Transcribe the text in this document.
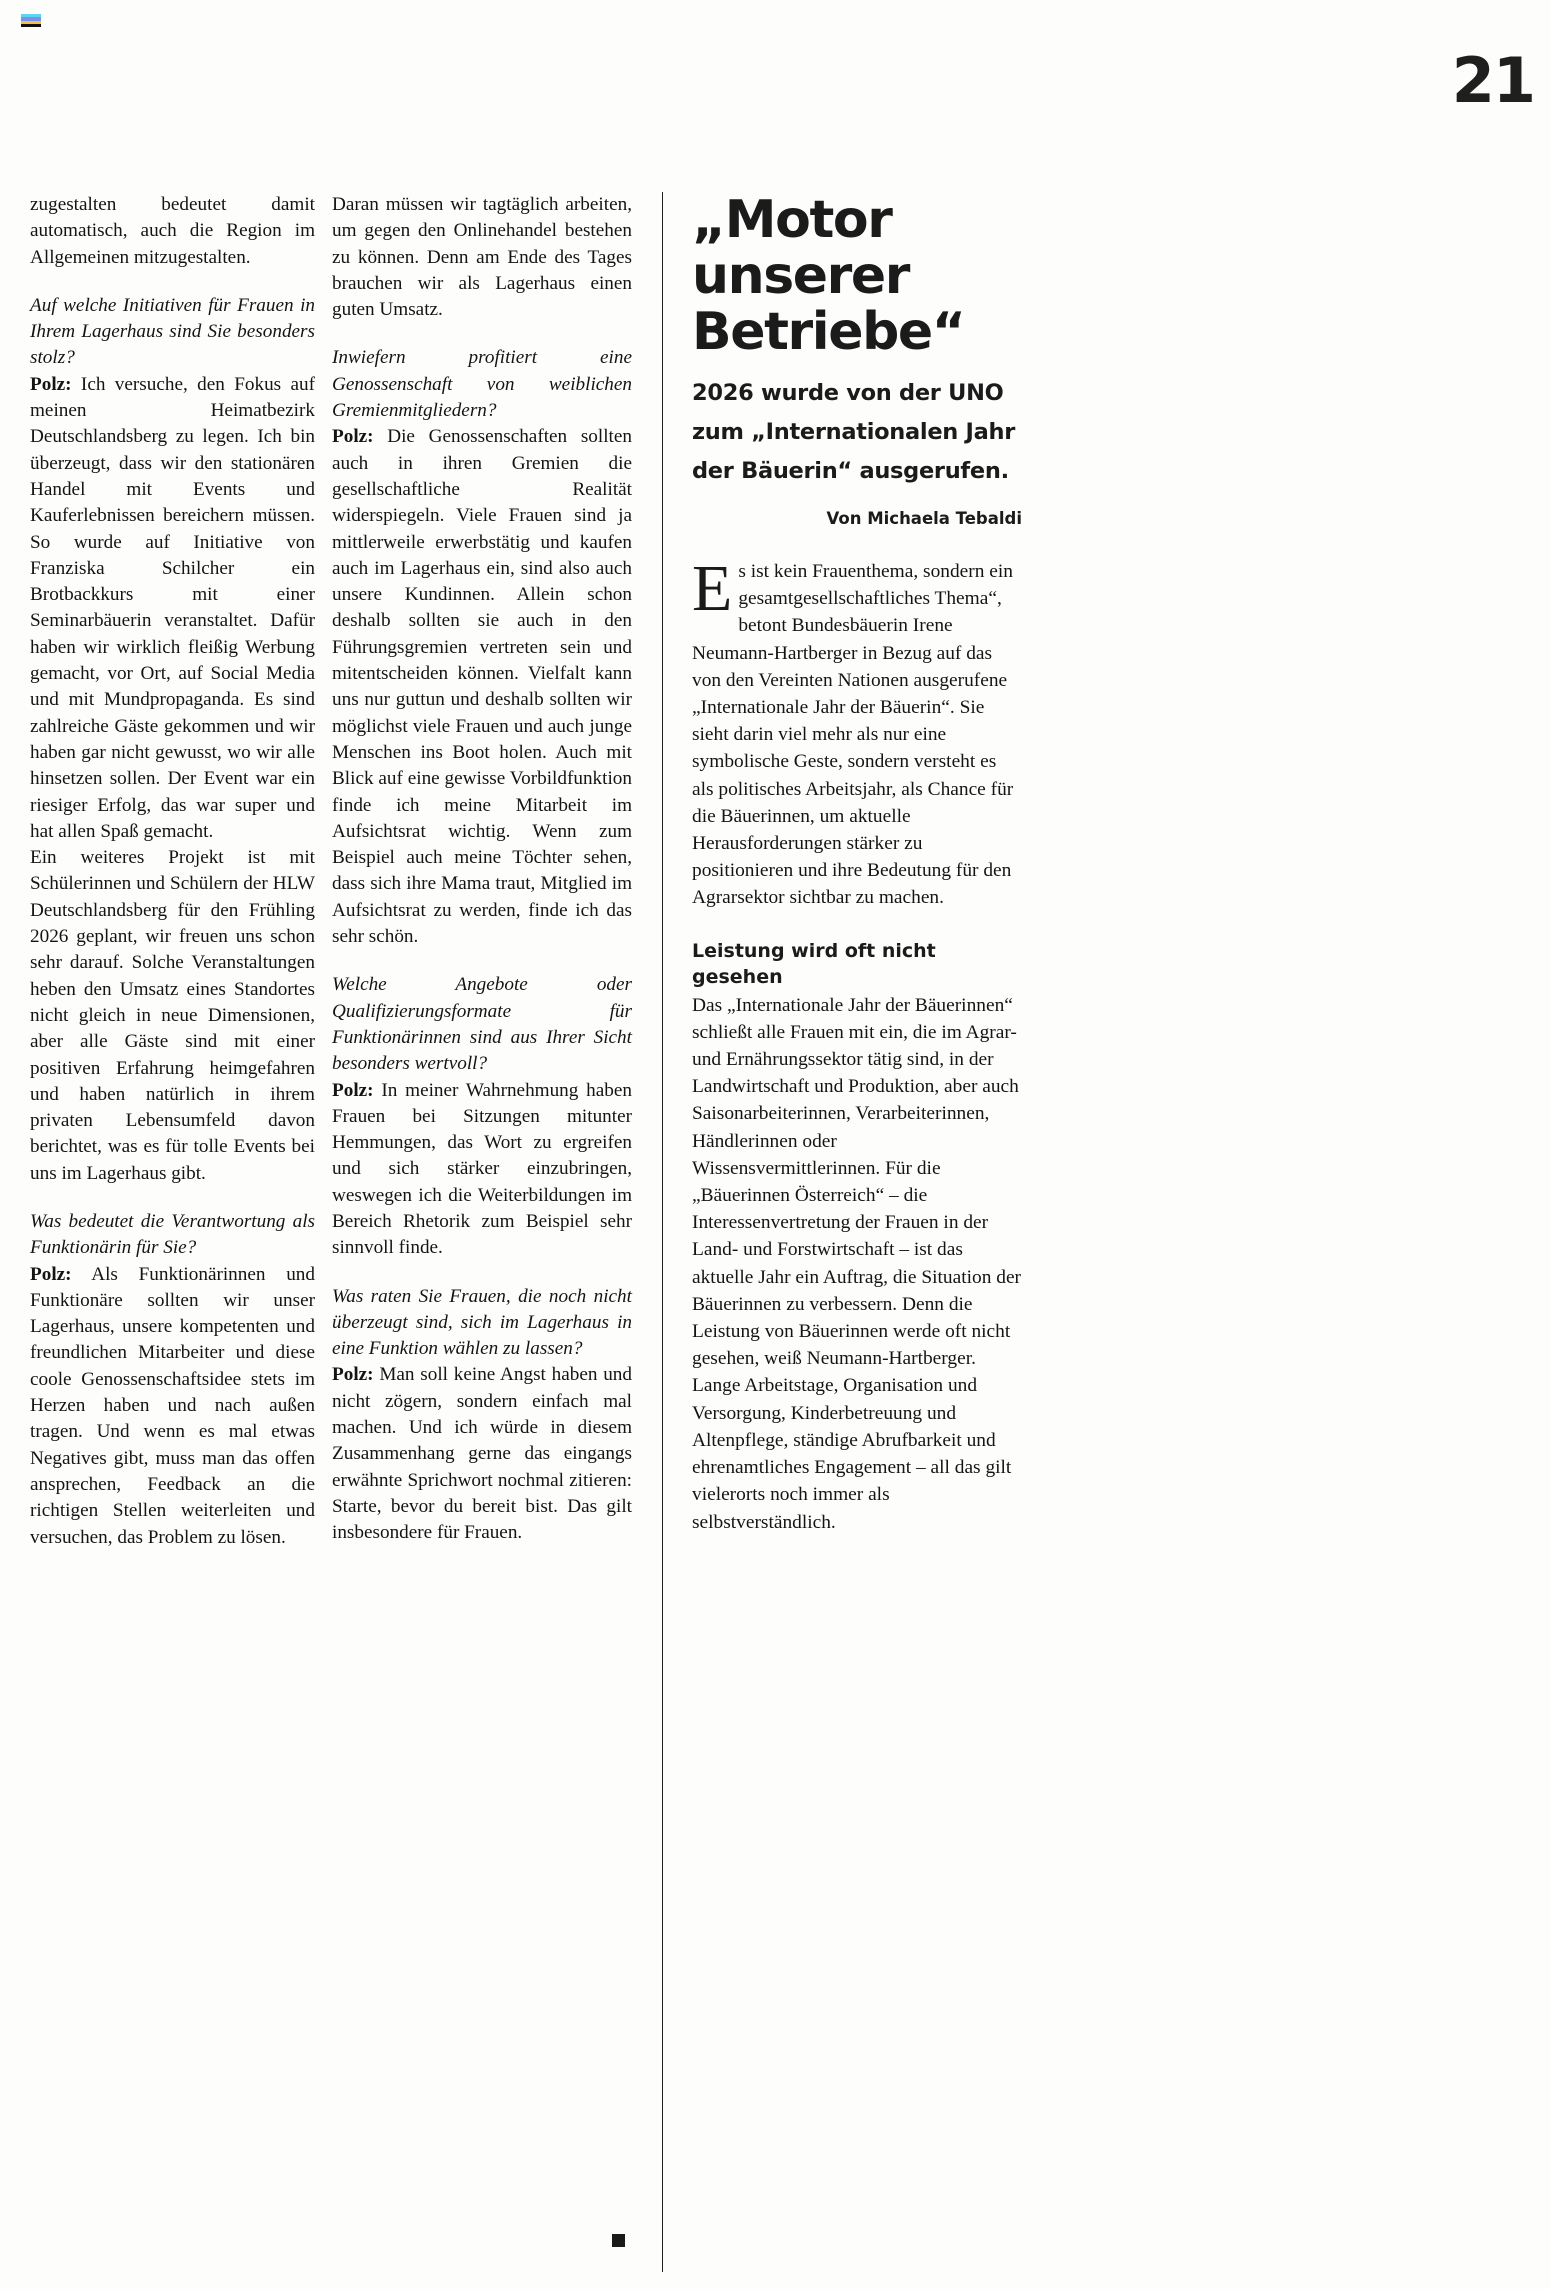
21

zugestalten bedeutet damit automatisch, auch die Region im Allgemeinen mitzugestalten.

Auf welche Initiativen für Frauen in Ihrem Lagerhaus sind Sie besonders stolz?

Polz: Ich versuche, den Fokus auf meinen Heimatbezirk Deutschlandsberg zu legen. Ich bin überzeugt, dass wir den stationären Handel mit Events und Kauferlebnissen bereichern müssen. So wurde auf Initiative von Franziska Schilcher ein Brotbackkurs mit einer Seminarbäuerin veranstaltet. Dafür haben wir wirklich fleißig Werbung gemacht, vor Ort, auf Social Media und mit Mundpropaganda. Es sind zahlreiche Gäste gekommen und wir haben gar nicht gewusst, wo wir alle hinsetzen sollen. Der Event war ein riesiger Erfolg, das war super und hat allen Spaß gemacht.

Ein weiteres Projekt ist mit Schülerinnen und Schülern der HLW Deutschlandsberg für den Frühling 2026 geplant, wir freuen uns schon sehr darauf. Solche Veranstaltungen heben den Umsatz eines Standortes nicht gleich in neue Dimensionen, aber alle Gäste sind mit einer positiven Erfahrung heimgefahren und haben natürlich in ihrem privaten Lebensumfeld davon berichtet, was es für tolle Events bei uns im Lagerhaus gibt.

Was bedeutet die Verantwortung als Funktionärin für Sie?

Polz: Als Funktionärinnen und Funktionäre sollten wir unser Lagerhaus, unsere kompetenten und freundlichen Mitarbeiter und diese coole Genossenschaftsidee stets im Herzen haben und nach außen tragen. Und wenn es mal etwas Negatives gibt, muss man das offen ansprechen, Feedback an die richtigen Stellen weiterleiten und versuchen, das Problem zu lösen.

Daran müssen wir tagtäglich arbeiten, um gegen den Onlinehandel bestehen zu können. Denn am Ende des Tages brauchen wir als Lagerhaus einen guten Umsatz.

Inwiefern profitiert eine Genossenschaft von weiblichen Gremienmitgliedern?

Polz: Die Genossenschaften sollten auch in ihren Gremien die gesellschaftliche Realität widerspiegeln. Viele Frauen sind ja mittlerweile erwerbstätig und kaufen auch im Lagerhaus ein, sind also auch unsere Kundinnen. Allein schon deshalb sollten sie auch in den Führungsgremien vertreten sein und mitentscheiden können. Vielfalt kann uns nur guttun und deshalb sollten wir möglichst viele Frauen und auch junge Menschen ins Boot holen. Auch mit Blick auf eine gewisse Vorbildfunktion finde ich meine Mitarbeit im Aufsichtsrat wichtig. Wenn zum Beispiel auch meine Töchter sehen, dass sich ihre Mama traut, Mitglied im Aufsichtsrat zu werden, finde ich das sehr schön.

Welche Angebote oder Qualifizierungsformate für Funktionärinnen sind aus Ihrer Sicht besonders wertvoll?

Polz: In meiner Wahrnehmung haben Frauen bei Sitzungen mitunter Hemmungen, das Wort zu ergreifen und sich stärker einzubringen, weswegen ich die Weiterbildungen im Bereich Rhetorik zum Beispiel sehr sinnvoll finde.

Was raten Sie Frauen, die noch nicht überzeugt sind, sich im Lagerhaus in eine Funktion wählen zu lassen?

Polz: Man soll keine Angst haben und nicht zögern, sondern einfach mal machen. Und ich würde in diesem Zusammenhang gerne das eingangs erwähnte Sprichwort nochmal zitieren: Starte, bevor du bereit bist. Das gilt insbesondere für Frauen.

„Motor
unserer
Betriebe“

2026 wurde von der UNO zum „Internationalen Jahr der Bäuerin“ ausgerufen.

Von Michaela Tebaldi

Es ist kein Frauenthema, sondern ein gesamtgesellschaftliches Thema“, betont Bundesbäuerin Irene Neumann-Hartberger in Bezug auf das von den Vereinten Nationen ausgerufene „Internationale Jahr der Bäuerin“. Sie sieht darin viel mehr als nur eine symbolische Geste, sondern versteht es als politisches Arbeitsjahr, als Chance für die Bäuerinnen, um aktuelle Herausforderungen stärker zu positionieren und ihre Bedeutung für den Agrarsektor sichtbar zu machen.

Leistung wird oft nicht gesehen

Das „Internationale Jahr der Bäuerinnen“ schließt alle Frauen mit ein, die im Agrar- und Ernährungssektor tätig sind, in der Landwirtschaft und Produktion, aber auch Saisonarbeiterinnen, Verarbeiterinnen, Händlerinnen oder Wissensvermittlerinnen. Für die „Bäuerinnen Österreich“ – die Interessenvertretung der Frauen in der Land- und Forstwirtschaft – ist das aktuelle Jahr ein Auftrag, die Situation der Bäuerinnen zu verbessern. Denn die Leistung von Bäuerinnen werde oft nicht gesehen, weiß Neumann-Hartberger. Lange Arbeitstage, Organisation und Versorgung, Kinderbetreuung und Altenpflege, ständige Abrufbarkeit und ehrenamtliches Engagement – all das gilt vielerorts noch immer als selbstverständlich.
